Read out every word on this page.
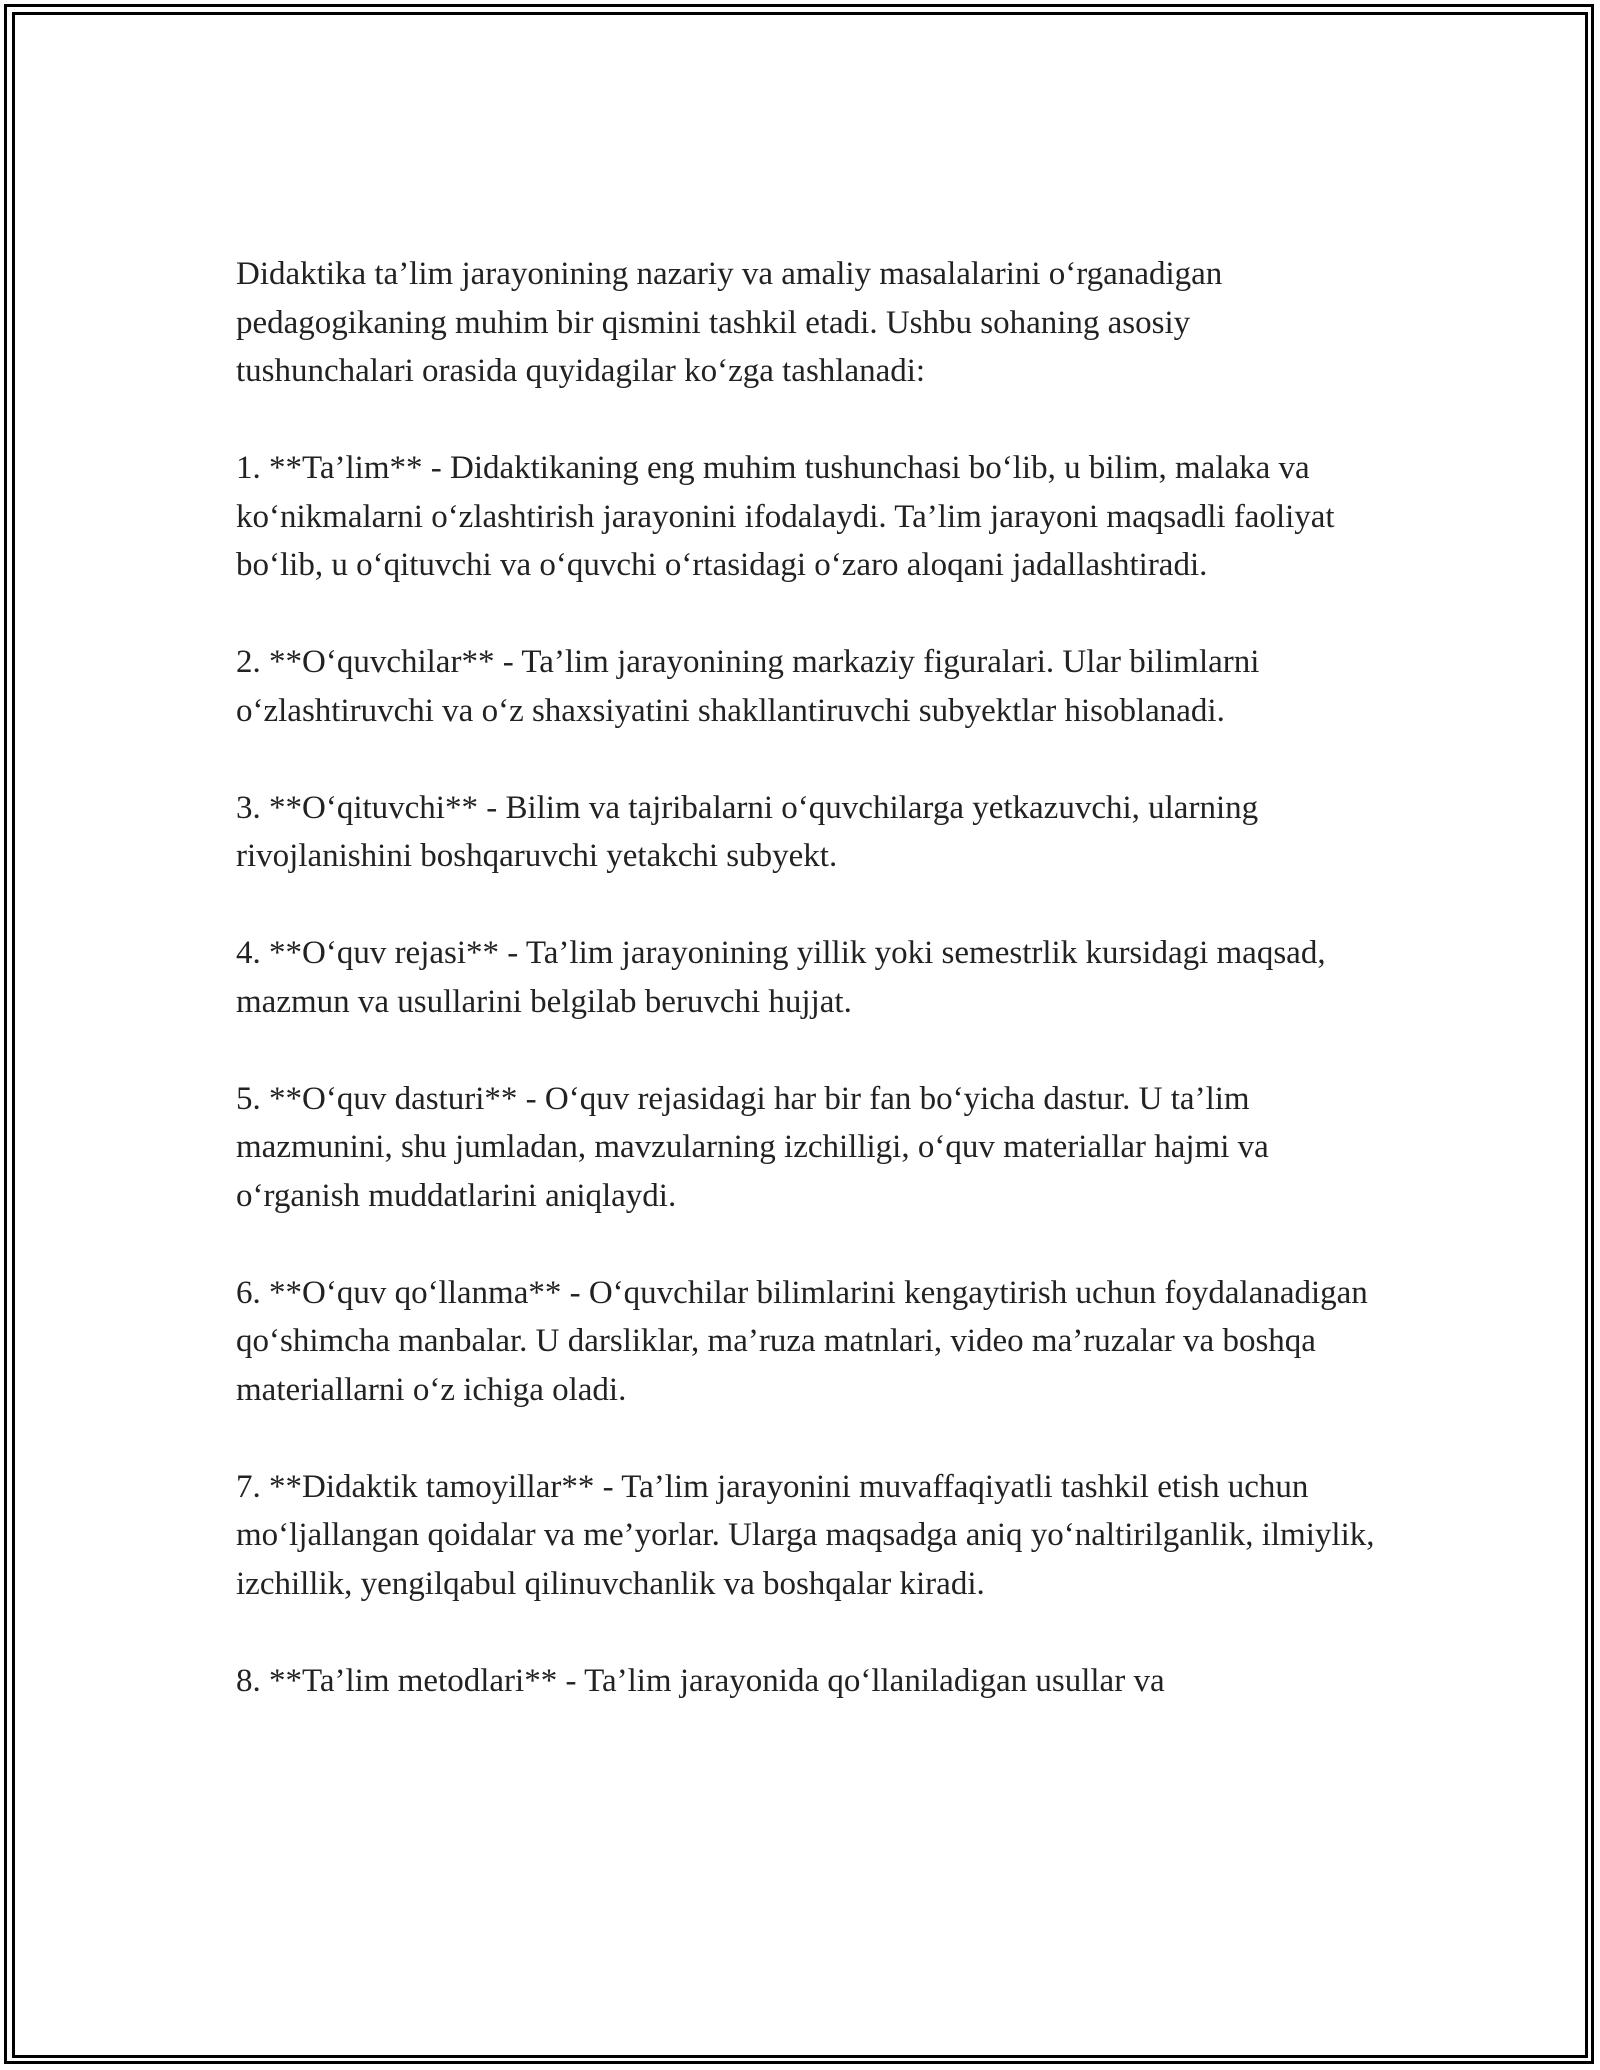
Didaktika ta’lim jarayonining nazariy va amaliy masalalarini o‘rganadigan pedagogikaning muhim bir qismini tashkil etadi. Ushbu sohaning asosiy tushunchalari orasida quyidagilar ko‘zga tashlanadi:

1. **Ta’lim** - Didaktikaning eng muhim tushunchasi bo‘lib, u bilim, malaka va ko‘nikmalarni o‘zlashtirish jarayonini ifodalaydi. Ta’lim jarayoni maqsadli faoliyat bo‘lib, u o‘qituvchi va o‘quvchi o‘rtasidagi o‘zaro aloqani jadallashtiradi.

2. **O‘quvchilar** - Ta’lim jarayonining markaziy figuralari. Ular bilimlarni o‘zlashtiruvchi va o‘z shaxsiyatini shakllantiruvchi subyektlar hisoblanadi.

3. **O‘qituvchi** - Bilim va tajribalarni o‘quvchilarga yetkazuvchi, ularning rivojlanishini boshqaruvchi yetakchi subyekt.

4. **O‘quv rejasi** - Ta’lim jarayonining yillik yoki semestrlik kursidagi maqsad, mazmun va usullarini belgilab beruvchi hujjat.

5. **O‘quv dasturi** - O‘quv rejasidagi har bir fan bo‘yicha dastur. U ta’lim mazmunini, shu jumladan, mavzularning izchilligi, o‘quv materiallar hajmi va o‘rganish muddatlarini aniqlaydi.

6. **O‘quv qo‘llanma** - O‘quvchilar bilimlarini kengaytirish uchun foydalanadigan qo‘shimcha manbalar. U darsliklar, ma’ruza matnlari, video ma’ruzalar va boshqa materiallarni o‘z ichiga oladi.

7. **Didaktik tamoyillar** - Ta’lim jarayonini muvaffaqiyatli tashkil etish uchun mo‘ljallangan qoidalar va me’yorlar. Ularga maqsadga aniq yo‘naltirilganlik, ilmiylik, izchillik, yengilqabul qilinuvchanlik va boshqalar kiradi.

8. **Ta’lim metodlari** - Ta’lim jarayonida qo‘llaniladigan usullar va
